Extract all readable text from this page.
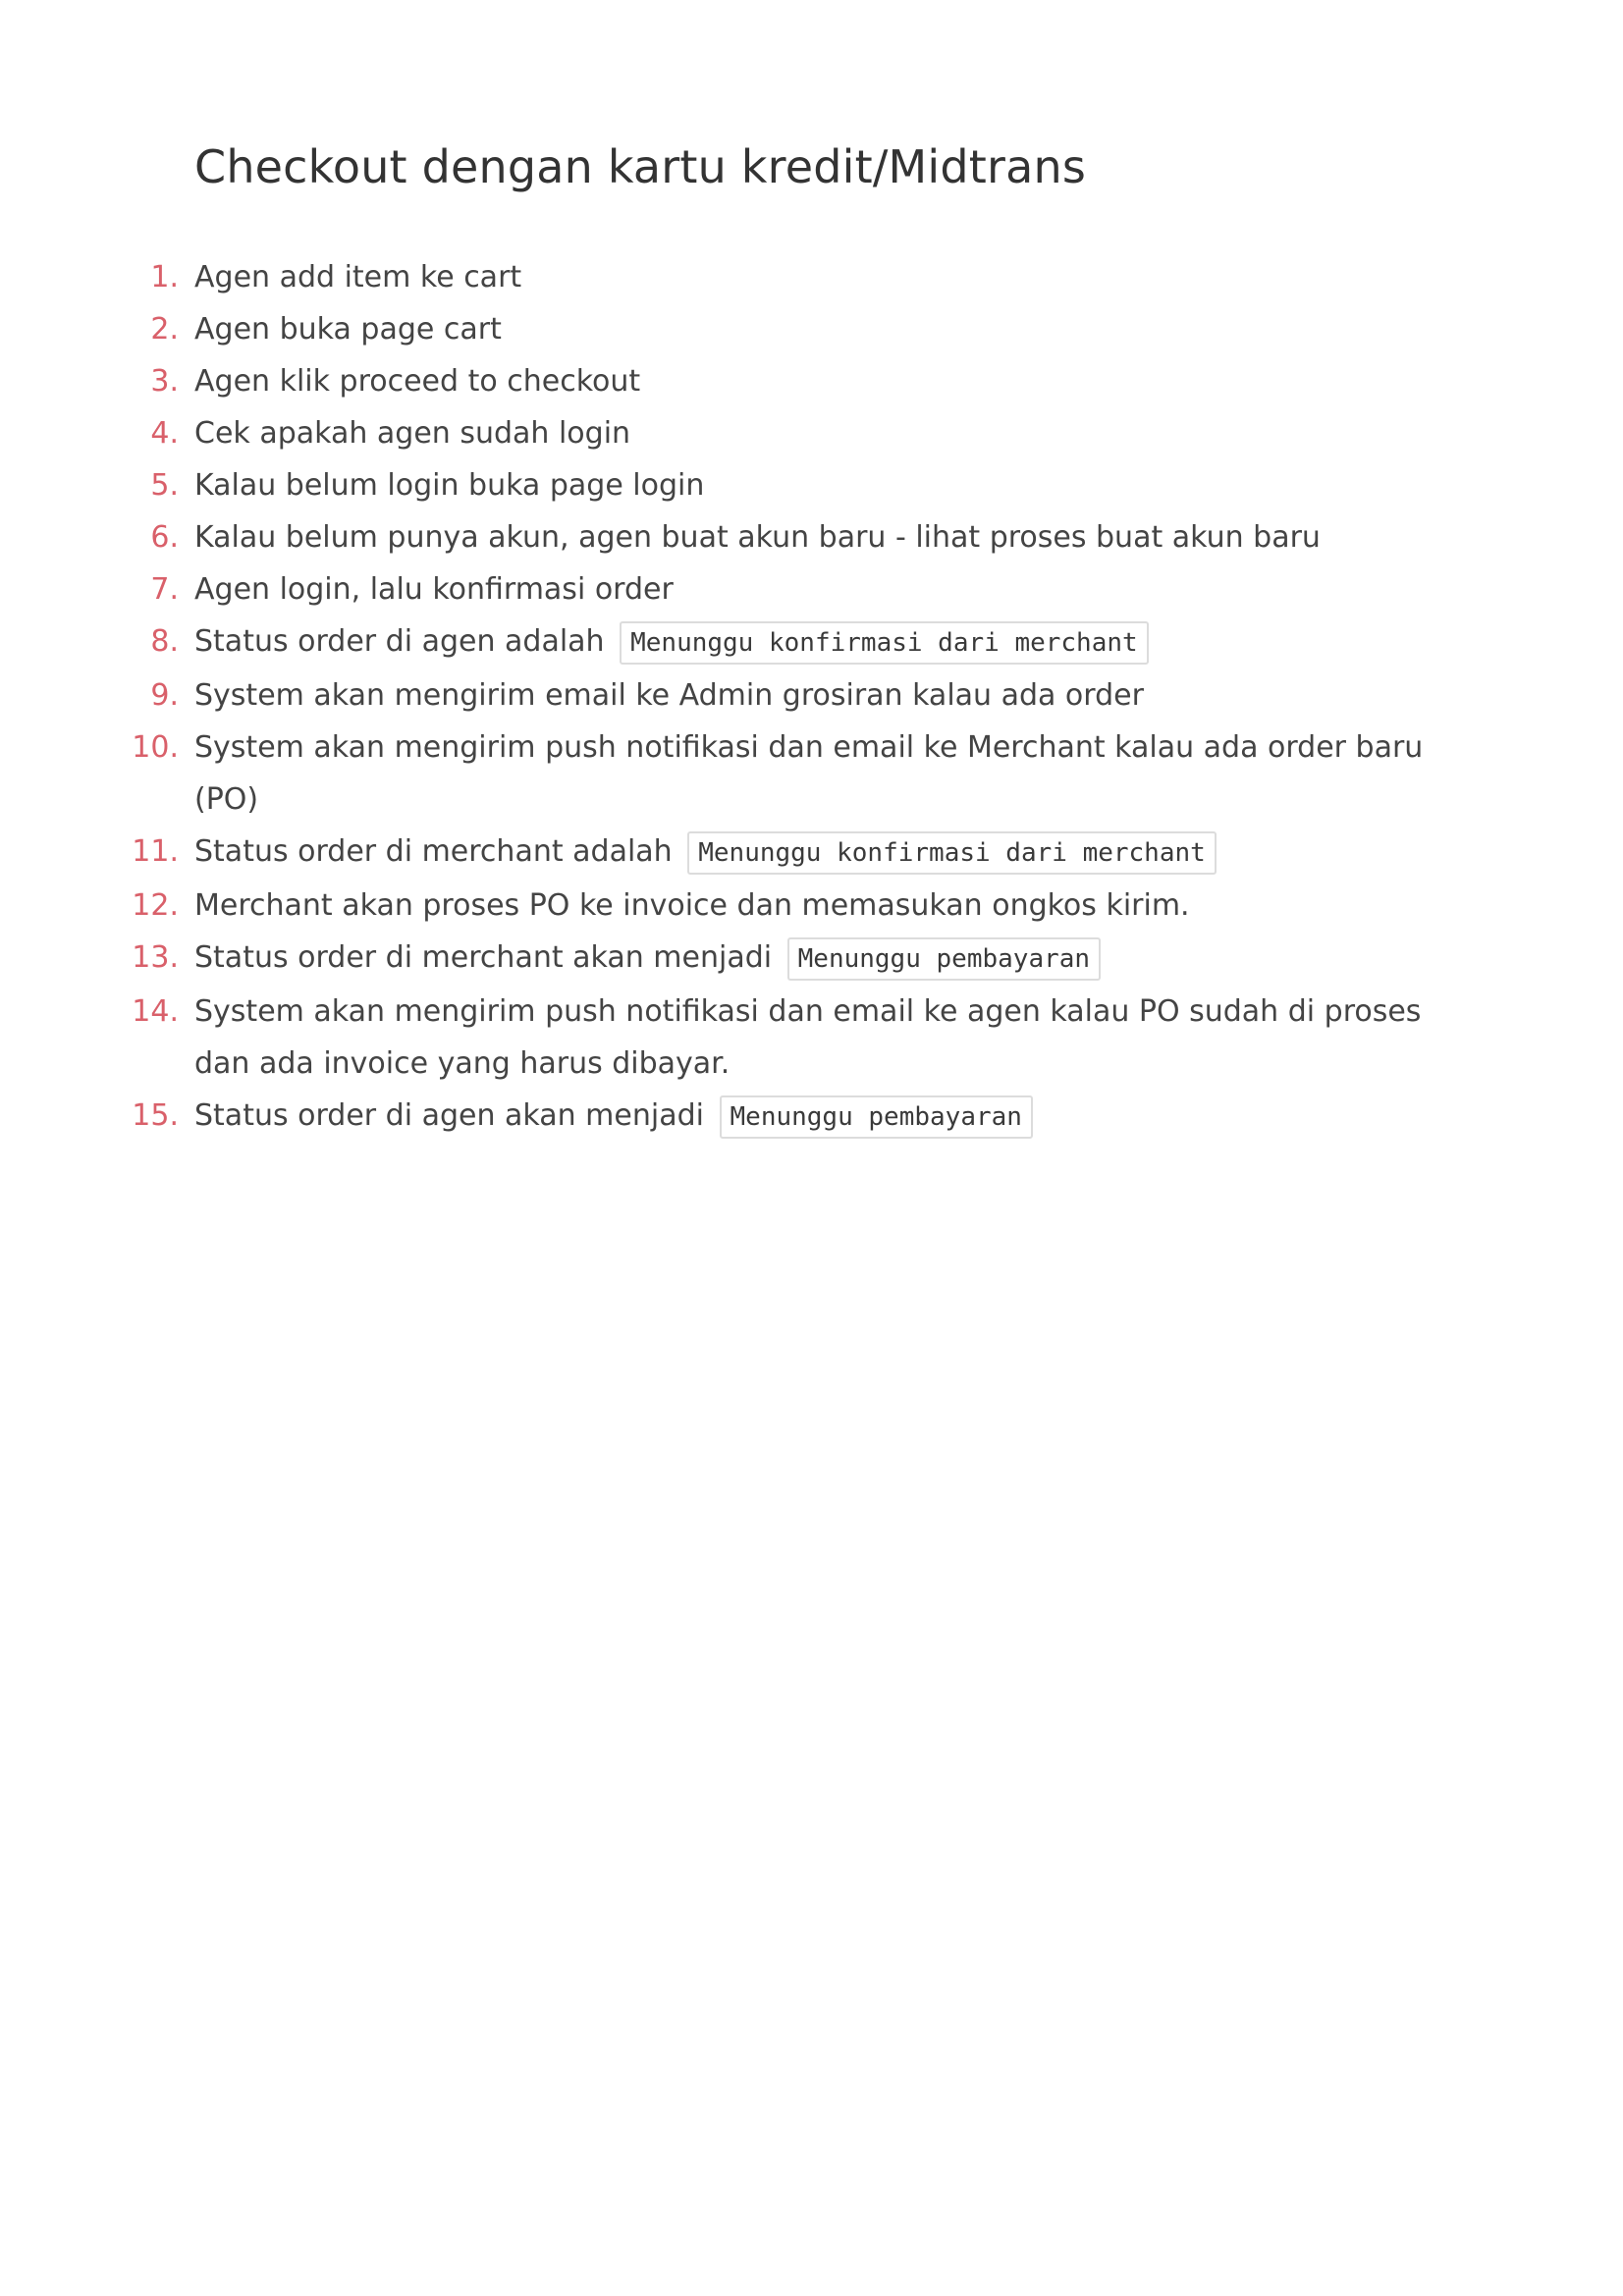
Checkout dengan kartu kredit/Midtrans
1. Agen add item ke cart
2. Agen buka page cart
3. Agen klik proceed to checkout
4. Cek apakah agen sudah login
5. Kalau belum login buka page login
6. Kalau belum punya akun, agen buat akun baru - lihat proses buat akun baru
7. Agen login, lalu konfirmasi order
8. Status order di agen adalah Menunggu konfirmasi dari merchant
9. System akan mengirim email ke Admin grosiran kalau ada order
10. System akan mengirim push notifikasi dan email ke Merchant kalau ada order baru (PO)
11. Status order di merchant adalah Menunggu konfirmasi dari merchant
12. Merchant akan proses PO ke invoice dan memasukan ongkos kirim.
13. Status order di merchant akan menjadi Menunggu pembayaran
14. System akan mengirim push notifikasi dan email ke agen kalau PO sudah di proses dan ada invoice yang harus dibayar.
15. Status order di agen akan menjadi Menunggu pembayaran
